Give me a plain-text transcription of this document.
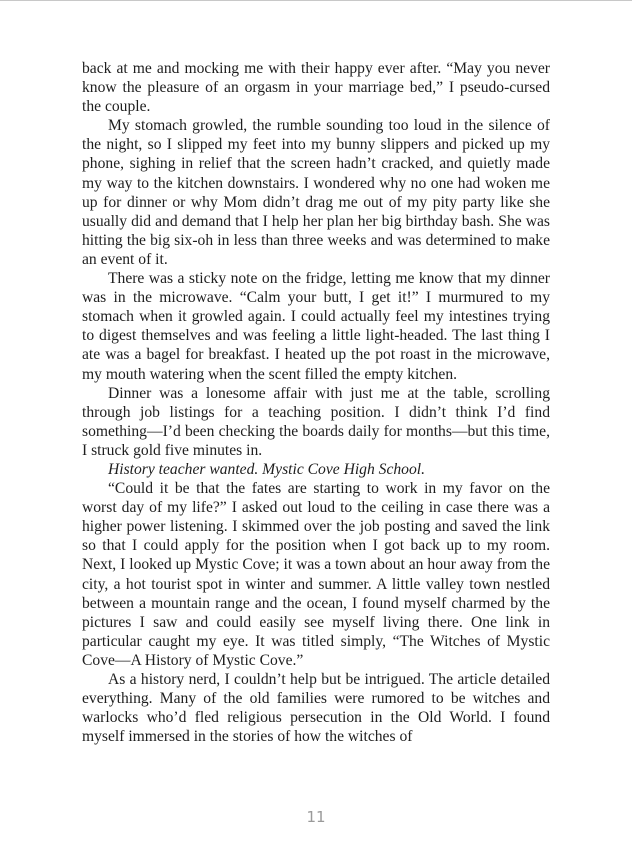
back at me and mocking me with their happy ever after. “May you never know the pleasure of an orgasm in your marriage bed,” I pseudo-cursed the couple.

My stomach growled, the rumble sounding too loud in the silence of the night, so I slipped my feet into my bunny slippers and picked up my phone, sighing in relief that the screen hadn’t cracked, and quietly made my way to the kitchen downstairs. I wondered why no one had woken me up for dinner or why Mom didn’t drag me out of my pity party like she usually did and demand that I help her plan her big birthday bash. She was hitting the big six-oh in less than three weeks and was determined to make an event of it.

There was a sticky note on the fridge, letting me know that my dinner was in the microwave. “Calm your butt, I get it!” I murmured to my stomach when it growled again. I could actually feel my intestines trying to digest themselves and was feeling a little light-headed. The last thing I ate was a bagel for breakfast. I heated up the pot roast in the microwave, my mouth watering when the scent filled the empty kitchen.

Dinner was a lonesome affair with just me at the table, scrolling through job listings for a teaching position. I didn’t think I’d find something—I’d been checking the boards daily for months—but this time, I struck gold five minutes in.

History teacher wanted. Mystic Cove High School.

“Could it be that the fates are starting to work in my favor on the worst day of my life?” I asked out loud to the ceiling in case there was a higher power listening. I skimmed over the job posting and saved the link so that I could apply for the position when I got back up to my room. Next, I looked up Mystic Cove; it was a town about an hour away from the city, a hot tourist spot in winter and summer. A little valley town nestled between a mountain range and the ocean, I found myself charmed by the pictures I saw and could easily see myself living there. One link in particular caught my eye. It was titled simply, “The Witches of Mystic Cove—A History of Mystic Cove.”

As a history nerd, I couldn’t help but be intrigued. The article detailed everything. Many of the old families were rumored to be witches and warlocks who’d fled religious persecution in the Old World. I found myself immersed in the stories of how the witches of

11
